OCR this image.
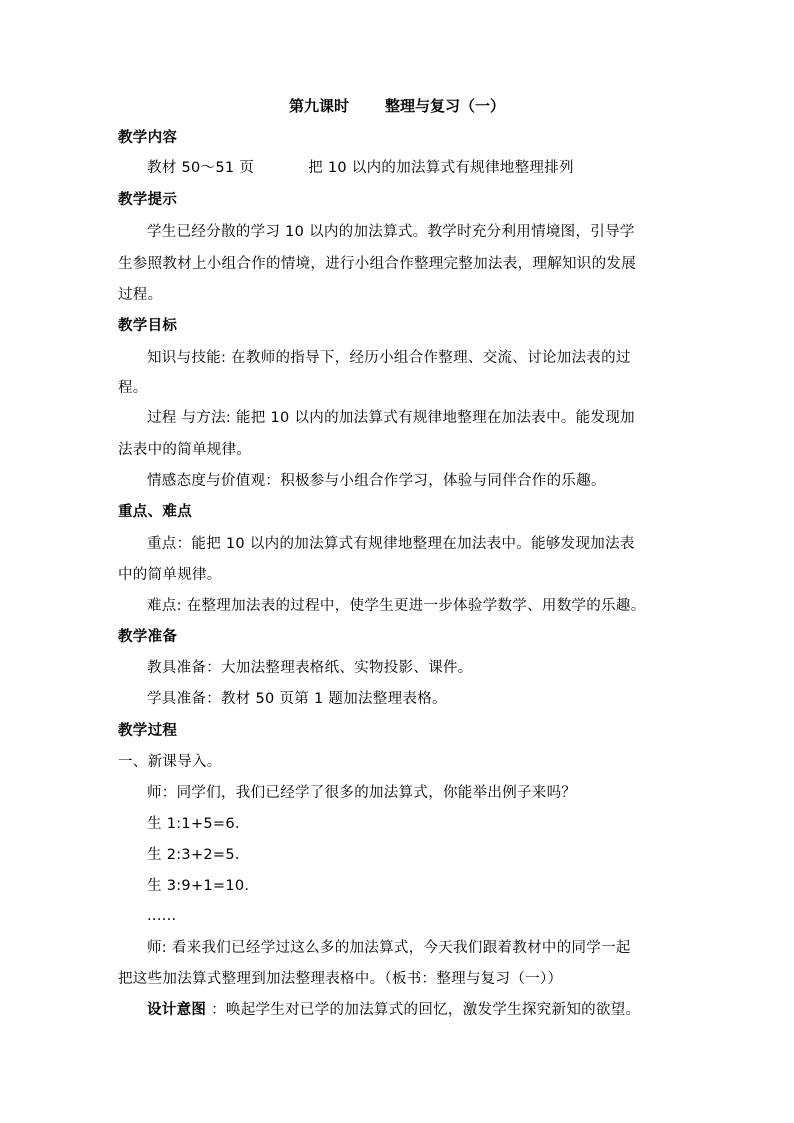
第九课时 整理与复习（一）
教学内容
教材 50～51 页	把 10 以内的加法算式有规律地整理排列
教学提示
学生已经分散的学习 10 以内的加法算式。教学时充分利用情境图，引导学
生参照教材上小组合作的情境，进行小组合作整理完整加法表，理解知识的发展
过程。
教学目标
知识与技能: 在教师的指导下，经历小组合作整理、交流、讨论加法表的过
程。
过程 与方法: 能把 10 以内的加法算式有规律地整理在加法表中。能发现加
法表中的简单规律。
情感态度与价值观：积极参与小组合作学习，体验与同伴合作的乐趣。
重点、难点
重点：能把 10 以内的加法算式有规律地整理在加法表中。能够发现加法表
中的简单规律。
难点: 在整理加法表的过程中，使学生更进一步体验学数学、用数学的乐趣。
教学准备
教具准备：大加法整理表格纸、实物投影、课件。
学具准备：教材 50 页第 1 题加法整理表格。
教学过程
一、新课导入。
师：同学们，我们已经学了很多的加法算式，你能举出例子来吗？
生 1:1+5=6.
生 2:3+2=5.
生 3:9+1=10.
......
师: 看来我们已经学过这么多的加法算式，今天我们跟着教材中的同学一起
把这些加法算式整理到加法整理表格中。（板书：整理与复习（一））
设计意图 ：唤起学生对已学的加法算式的回忆，激发学生探究新知的欲望。
